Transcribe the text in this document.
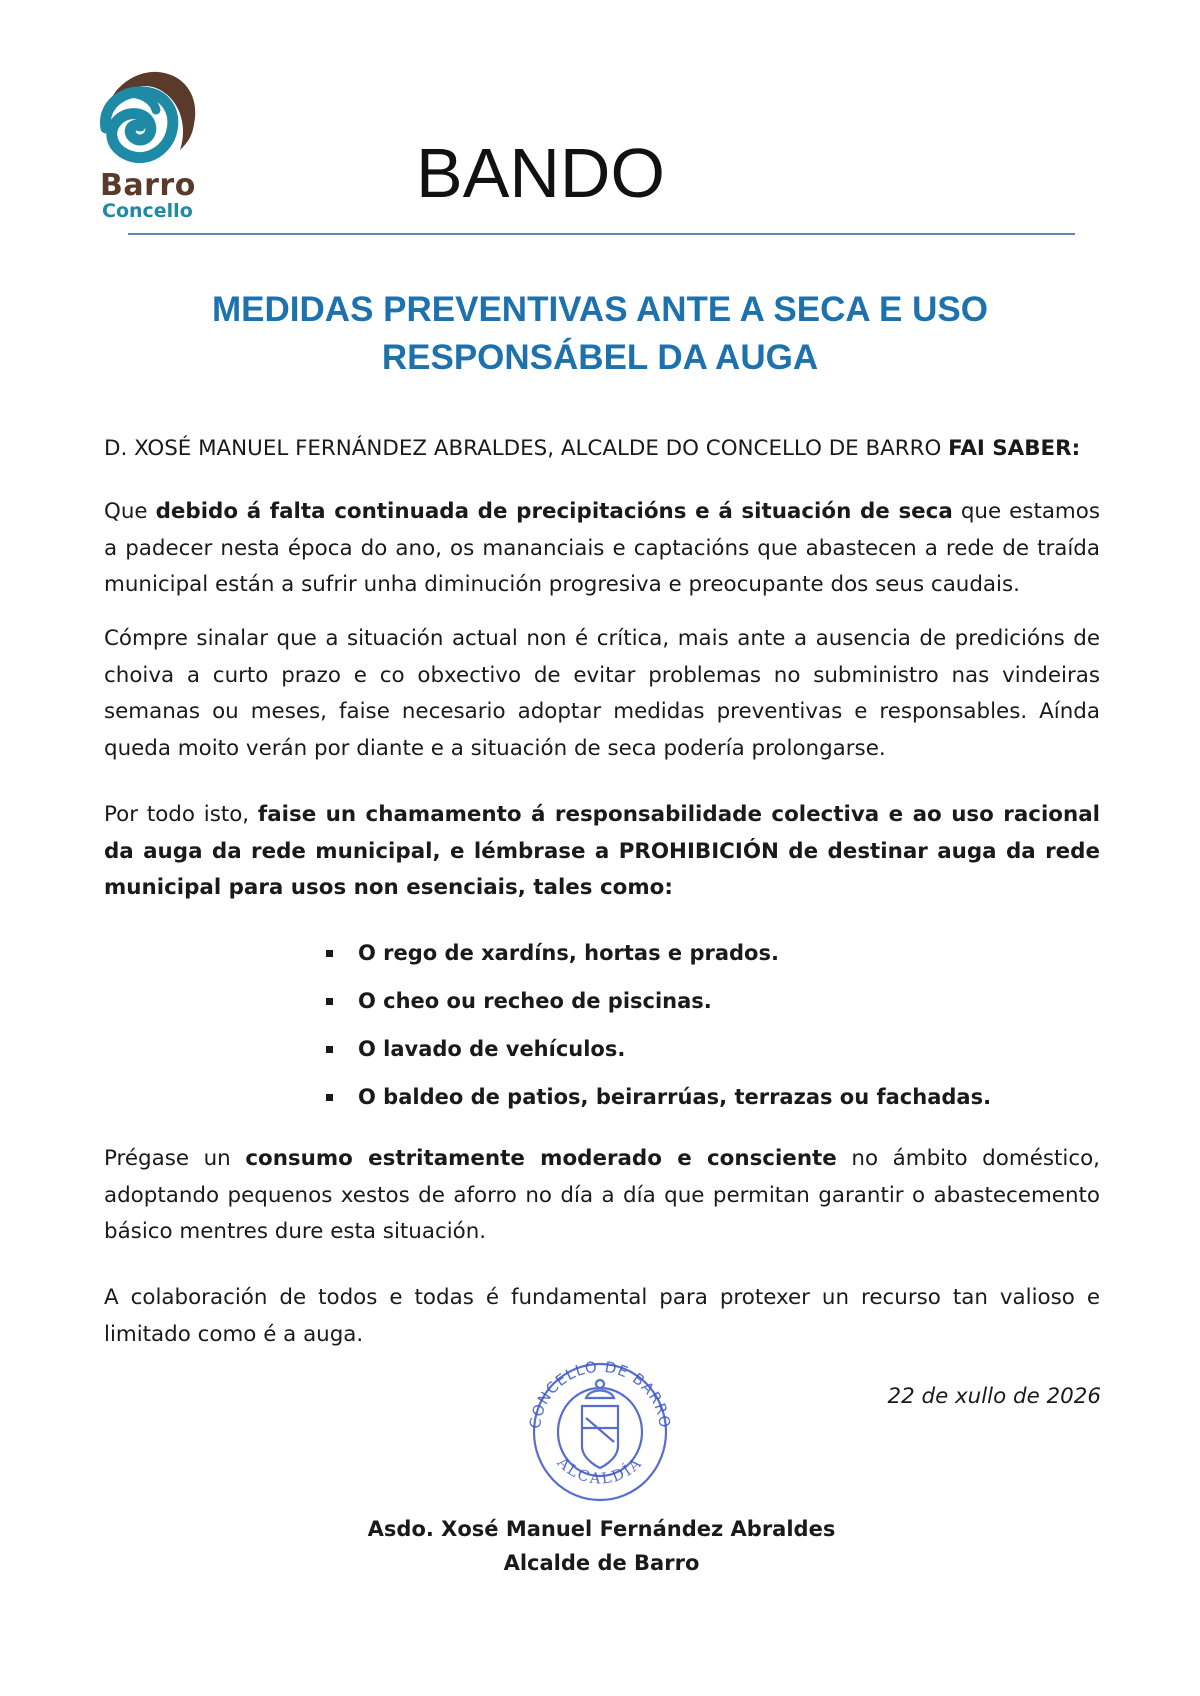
Barro
Concello	BANDO
MEDIDAS PREVENTIVAS ANTE A SECA E USO
RESPONSÁBEL DA AUGA
D. XOSÉ MANUEL FERNÁNDEZ ABRALDES, ALCALDE DO CONCELLO DE BARRO FAI SABER:
Que debido á falta continuada de precipitacións e á situación de seca que estamos a padecer nesta época do ano, os mananciais e captacións que abastecen a rede de traída municipal están a sufrir unha diminución progresiva e preocupante dos seus caudais.
Cómpre sinalar que a situación actual non é crítica, mais ante a ausencia de predicións de choiva a curto prazo e co obxectivo de evitar problemas no subministro nas vindeiras semanas ou meses, faise necesario adoptar medidas preventivas e responsables. Aínda queda moito verán por diante e a situación de seca podería prolongarse.
Por todo isto, faise un chamamento á responsabilidade colectiva e ao uso racional da auga da rede municipal, e lémbrase a PROHIBICIÓN de destinar auga da rede municipal para usos non esenciais, tales como:
O rego de xardíns, hortas e prados.
O cheo ou recheo de piscinas.
O lavado de vehículos.
O baldeo de patios, beirarrúas, terrazas ou fachadas.
Prégase un consumo estritamente moderado e consciente no ámbito doméstico, adoptando pequenos xestos de aforro no día a día que permitan garantir o abastecemento básico mentres dure esta situación.
A colaboración de todos e todas é fundamental para protexer un recurso tan valioso e limitado como é a auga.
22 de xullo de 2026
CONCELLO DE BARRO
ALCALDÍA
Asdo. Xosé Manuel Fernández Abraldes
Alcalde de Barro
